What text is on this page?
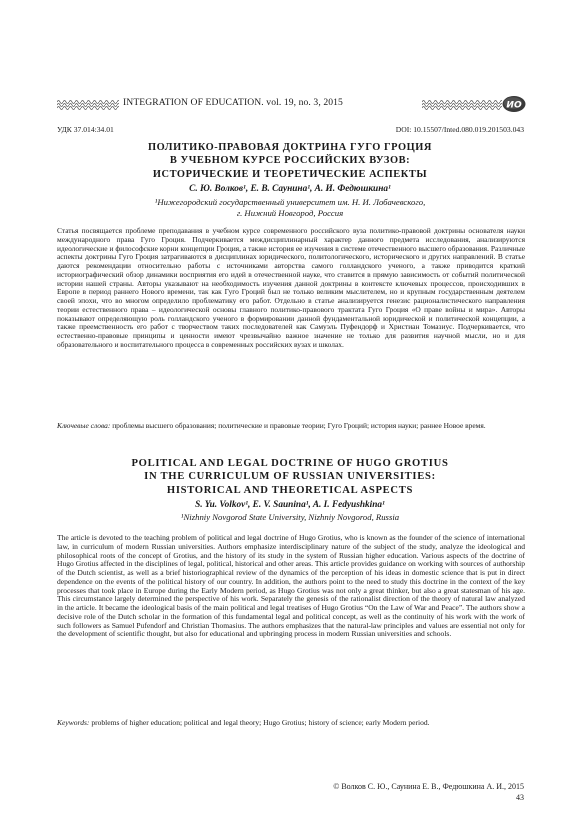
INTEGRATION OF EDUCATION. vol. 19, no. 3, 2015	ИО
УДК 37.014:34.01	DOI: 10.15507/Inted.080.019.201503.043
ПОЛИТИКО-ПРАВОВАЯ ДОКТРИНА ГУГО ГРОЦИЯ
В УЧЕБНОМ КУРСЕ РОССИЙСКИХ ВУЗОВ:
ИСТОРИЧЕСКИЕ И ТЕОРЕТИЧЕСКИЕ АСПЕКТЫ
С. Ю. Волков¹, Е. В. Саунина¹, А. И. Федюшкина¹
¹Нижегородский государственный университет им. Н. И. Лобачевского,
г. Нижний Новгород, Россия

Статья посвящается проблеме преподавания в учебном курсе современного российского вуза политико-правовой доктрины основателя науки международного права Гуго Гроция. Подчеркивается междисциплинарный характер данного предмета исследования, анализируются идеологические и философские корни концепции Гроция, а также история ее изучения в системе отечественного высшего образования. Различные аспекты доктрины Гуго Гроция затрагиваются в дисциплинах юридического, политологического, исторического и других направлений. В статье даются рекомендации относительно работы с источниками авторства самого голландского ученого, а также приводится краткий историографический обзор динамики восприятия его идей в отечественной науке, что ставится в прямую зависимость от событий политической истории нашей страны. Авторы указывают на необходимость изучения данной доктрины в контексте ключевых процессов, происходивших в Европе в период раннего Нового времени, так как Гуго Гроций был не только великим мыслителем, но и крупным государственным деятелем своей эпохи, что во многом определило проблематику его работ. Отдельно в статье анализируется генезис рационалистического направления теории естественного права – идеологической основы главного политико-правового трактата Гуго Гроция «О праве войны и мира». Авторы показывают определяющую роль голландского ученого в формировании данной фундаментальной юридической и политической концепции, а также преемственность его работ с творчеством таких последователей как Самуэль Пуфендорф и Христиан Томазиус. Подчеркивается, что естественно-правовые принципы и ценности имеют чрезвычайно важное значение не только для развития научной мысли, но и для образовательного и воспитательного процесса в современных российских вузах и школах.

Ключевые слова: проблемы высшего образования; политические и правовые теории; Гуго Гроций; история науки; раннее Новое время.

POLITICAL AND LEGAL DOCTRINE OF HUGO GROTIUS
IN THE CURRICULUM OF RUSSIAN UNIVERSITIES:
HISTORICAL AND THEORETICAL ASPECTS
S. Yu. Volkov¹, E. V. Saunina¹, A. I. Fedyushkina¹
¹Nizhniy Novgorod State University, Nizhniy Novgorod, Russia

The article is devoted to the teaching problem of political and legal doctrine of Hugo Grotius, who is known as the founder of the science of international law, in curriculum of modern Russian universities. Authors emphasize interdisciplinary nature of the subject of the study, analyze the ideological and philosophical roots of the concept of Grotius, and the history of its study in the system of Russian higher education. Various aspects of the doctrine of Hugo Grotius affected in the disciplines of legal, political, historical and other areas. This article provides guidance on working with sources of authorship of the Dutch scientist, as well as a brief historiographical review of the dynamics of the perception of his ideas in domestic science that is put in direct dependence on the events of the political history of our country. In addition, the authors point to the need to study this doctrine in the context of the key processes that took place in Europe during the Early Modern period, as Hugo Grotius was not only a great thinker, but also a great statesman of his age. This circumstance largely determined the perspective of his work. Separately the genesis of the rationalist direction of the theory of natural law analyzed in the article. It became the ideological basis of the main political and legal treatises of Hugo Grotius “On the Law of War and Peace”. The authors show a decisive role of the Dutch scholar in the formation of this fundamental legal and political concept, as well as the continuity of his work with the work of such followers as Samuel Pufendorf and Christian Thomasius. The authors emphasizes that the natural-law principles and values are essential not only for the development of scientific thought, but also for educational and upbringing process in modern Russian universities and schools.

Keywords: problems of higher education; political and legal theory; Hugo Grotius; history of science; early Modern period.

© Волков С. Ю., Саунина Е. В., Федюшкина А. И., 2015
43
